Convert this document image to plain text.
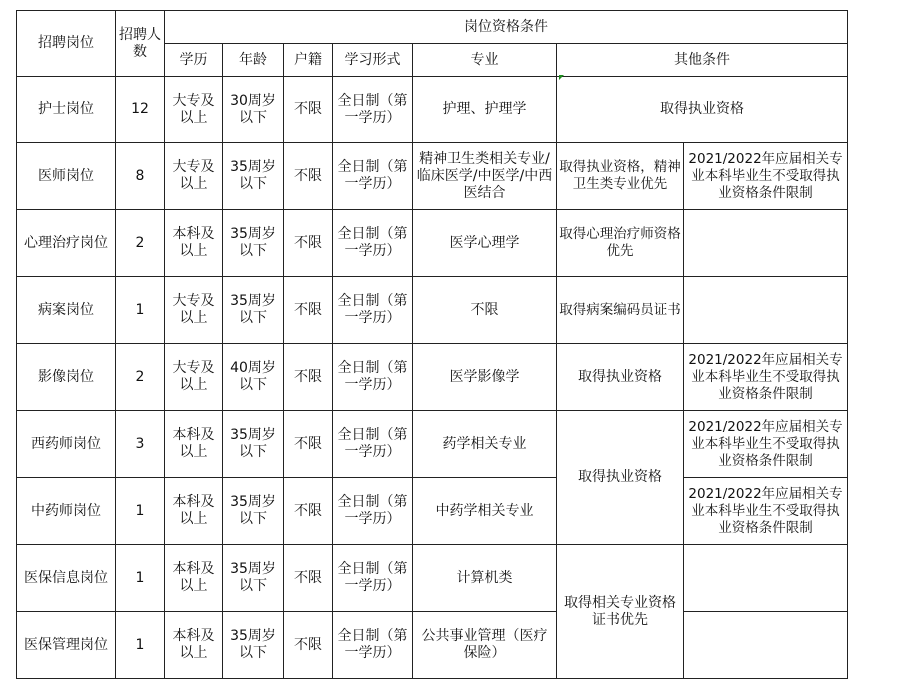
招聘岗位	招聘人数	岗位资格条件						
		学历	年龄	户籍	学习形式	专业	其他条件	
护士岗位	12	大专及以上	30周岁以下	不限	全日制（第一学历）	护理、护理学	取得执业资格	
医师岗位	8	大专及以上	35周岁以下	不限	全日制（第一学历）	精神卫生类相关专业/临床医学/中医学/中西医结合	取得执业资格，精神卫生类专业优先	2021/2022年应届相关专业本科毕业生不受取得执业资格条件限制
心理治疗岗位	2	本科及以上	35周岁以下	不限	全日制（第一学历）	医学心理学	取得心理治疗师资格优先	
病案岗位	1	大专及以上	35周岁以下	不限	全日制（第一学历）	不限	取得病案编码员证书	
影像岗位	2	大专及以上	40周岁以下	不限	全日制（第一学历）	医学影像学	取得执业资格	2021/2022年应届相关专业本科毕业生不受取得执业资格条件限制
西药师岗位	3	本科及以上	35周岁以下	不限	全日制（第一学历）	药学相关专业	取得执业资格	2021/2022年应届相关专业本科毕业生不受取得执业资格条件限制
中药师岗位	1	本科及以上	35周岁以下	不限	全日制（第一学历）	中药学相关专业		2021/2022年应届相关专业本科毕业生不受取得执业资格条件限制
医保信息岗位	1	本科及以上	35周岁以下	不限	全日制（第一学历）	计算机类	取得相关专业资格证书优先	
医保管理岗位	1	本科及以上	35周岁以下	不限	全日制（第一学历）	公共事业管理（医疗保险）		
